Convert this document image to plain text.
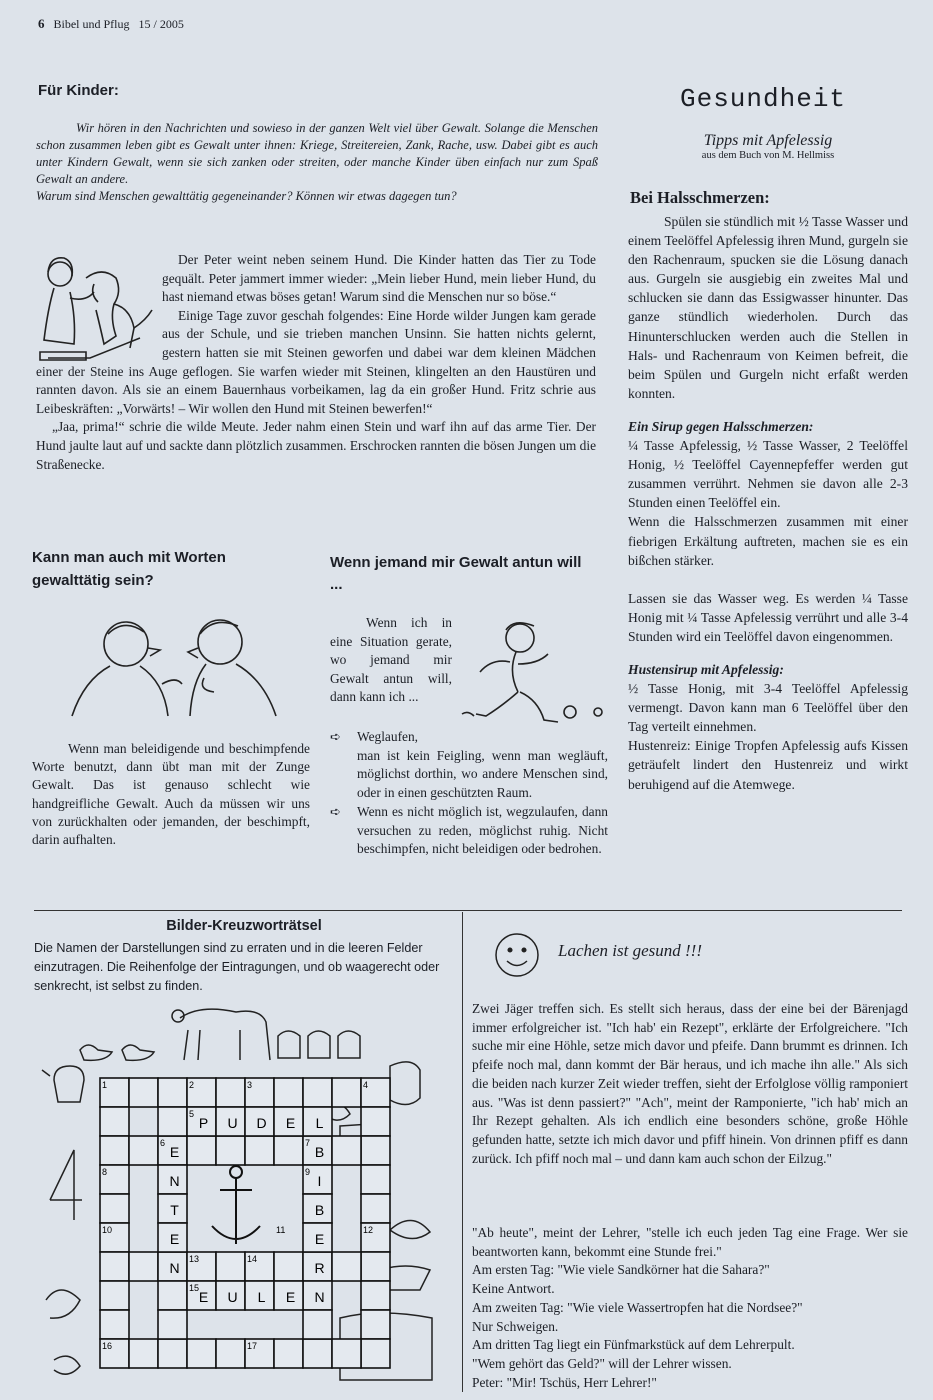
6 Bibel und Pflug 15 / 2005
Für Kinder:
Wir hören in den Nachrichten und sowieso in der ganzen Welt viel über Gewalt. Solange die Menschen schon zusammen leben gibt es Gewalt unter ihnen: Kriege, Streitereien, Zank, Rache, usw. Dabei gibt es auch unter Kindern Gewalt, wenn sie sich zanken oder streiten, oder manche Kinder üben einfach nur zum Spaß Gewalt an andere.
Warum sind Menschen gewalttätig gegeneinander? Können wir etwas dagegen tun?

Der Peter weint neben seinem Hund. Die Kinder hatten das Tier zu Tode gequält. Peter jammert immer wieder: „Mein lieber Hund, mein lieber Hund, du hast niemand etwas böses getan! Warum sind die Menschen nur so böse.“

Einige Tage zuvor geschah folgendes: Eine Horde wilder Jungen kam gerade aus der Schule, und sie trieben manchen Unsinn. Sie hatten nichts gelernt, gestern hatten sie mit Steinen geworfen und dabei war dem kleinen Mädchen einer der Steine ins Auge geflogen. Sie warfen wieder mit Steinen, klingelten an den Haustüren und rannten davon. Als sie an einem Bauernhaus vorbeikamen, lag da ein großer Hund. Fritz schrie aus Leibeskräften: „Vorwärts! – Wir wollen den Hund mit Steinen bewerfen!“

„Jaa, prima!“ schrie die wilde Meute. Jeder nahm einen Stein und warf ihn auf das arme Tier. Der Hund jaulte laut auf und sackte dann plötzlich zusammen. Erschrocken rannten die bösen Jungen um die Straßenecke.

Kann man auch mit Worten gewalttätig sein?

Wenn man beleidigende und beschimpfende Worte benutzt, dann übt man mit der Zunge Gewalt. Das ist genauso schlecht wie handgreifliche Gewalt. Auch da müssen wir uns von zurückhalten oder jemanden, der beschimpft, darin aufhalten.

Wenn jemand mir Gewalt antun will ...

Wenn ich in eine Situation gerate, wo jemand mir Gewalt antun will, dann kann ich ...

➪ Weglaufen,
man ist kein Feigling, wenn man wegläuft, möglichst dorthin, wo andere Menschen sind, oder in einen geschützten Raum.
➪ Wenn es nicht möglich ist, wegzulaufen, dann versuchen zu reden, möglichst ruhig. Nicht beschimpfen, nicht beleidigen oder bedrohen.
Gesundheit
Tipps mit Apfelessig
aus dem Buch von M. Hellmiss
Bei Halsschmerzen:

Spülen sie stündlich mit ½ Tasse Wasser und einem Teelöffel Apfelessig ihren Mund, gurgeln sie den Rachenraum, spucken sie die Lösung danach aus. Gurgeln sie ausgiebig ein zweites Mal und schlucken sie dann das Essigwasser hinunter. Das ganze stündlich wiederholen. Durch das Hinunterschlucken werden auch die Stellen in Hals- und Rachenraum von Keimen befreit, die beim Spülen und Gurgeln nicht erfaßt werden konnten.

Ein Sirup gegen Halsschmerzen:

¼ Tasse Apfelessig, ½ Tasse Wasser, 2 Teelöffel Honig, ½ Teelöffel Cayennepfeffer werden gut zusammen verrührt. Nehmen sie davon alle 2-3 Stunden einen Teelöffel ein.

Wenn die Halsschmerzen zusammen mit einer fiebrigen Erkältung auftreten, machen sie es ein bißchen stärker.

Lassen sie das Wasser weg. Es werden ¼ Tasse Honig mit ¼ Tasse Apfelessig verrührt und alle 3-4 Stunden wird ein Teelöffel davon eingenommen.

Hustensirup mit Apfelessig:

½ Tasse Honig, mit 3-4 Teelöffel Apfelessig vermengt. Davon kann man 6 Teelöffel über den Tag verteilt einnehmen.

Hustenreiz: Einige Tropfen Apfelessig aufs Kissen geträufelt lindert den Hustenreiz und wirkt beruhigend auf die Atemwege.

Bilder-Kreuzworträtsel
Die Namen der Darstellungen sind zu erraten und in die leeren Felder einzutragen. Die Reihenfolge der Eintragungen, und ob waagerecht oder senkrecht, ist selbst zu finden.
P U D E L
E
N
T
E
N
B
I
B
E
R
E U L E N
1	2	3	4
5
6	7
8	9
10	11	12
13	14
15
16	17
Lachen ist gesund !!!

Zwei Jäger treffen sich. Es stellt sich heraus, dass der eine bei der Bärenjagd immer erfolgreicher ist. "Ich hab' ein Rezept", erklärte der Erfolgreichere. "Ich suche mir eine Höhle, setze mich davor und pfeife. Dann brummt es drinnen. Ich pfeife noch mal, dann kommt der Bär heraus, und ich mache ihn alle." Als sich die beiden nach kurzer Zeit wieder treffen, sieht der Erfolglose völlig ramponiert aus. "Was ist denn passiert?" "Ach", meint der Ramponierte, "ich hab' mich an Ihr Rezept gehalten. Als ich endlich eine besonders schöne, große Höhle gefunden hatte, setzte ich mich davor und pfiff hinein. Von drinnen pfiff es dann zurück. Ich pfiff noch mal – und dann kam auch schon der Eilzug."

"Ab heute", meint der Lehrer, "stelle ich euch jeden Tag eine Frage. Wer sie beantworten kann, bekommt eine Stunde frei."

Am ersten Tag: "Wie viele Sandkörner hat die Sahara?"

Keine Antwort.

Am zweiten Tag: "Wie viele Wassertropfen hat die Nordsee?"

Nur Schweigen.

Am dritten Tag liegt ein Fünfmarkstück auf dem Lehrerpult.

"Wem gehört das Geld?" will der Lehrer wissen.

Peter: "Mir! Tschüs, Herr Lehrer!"
